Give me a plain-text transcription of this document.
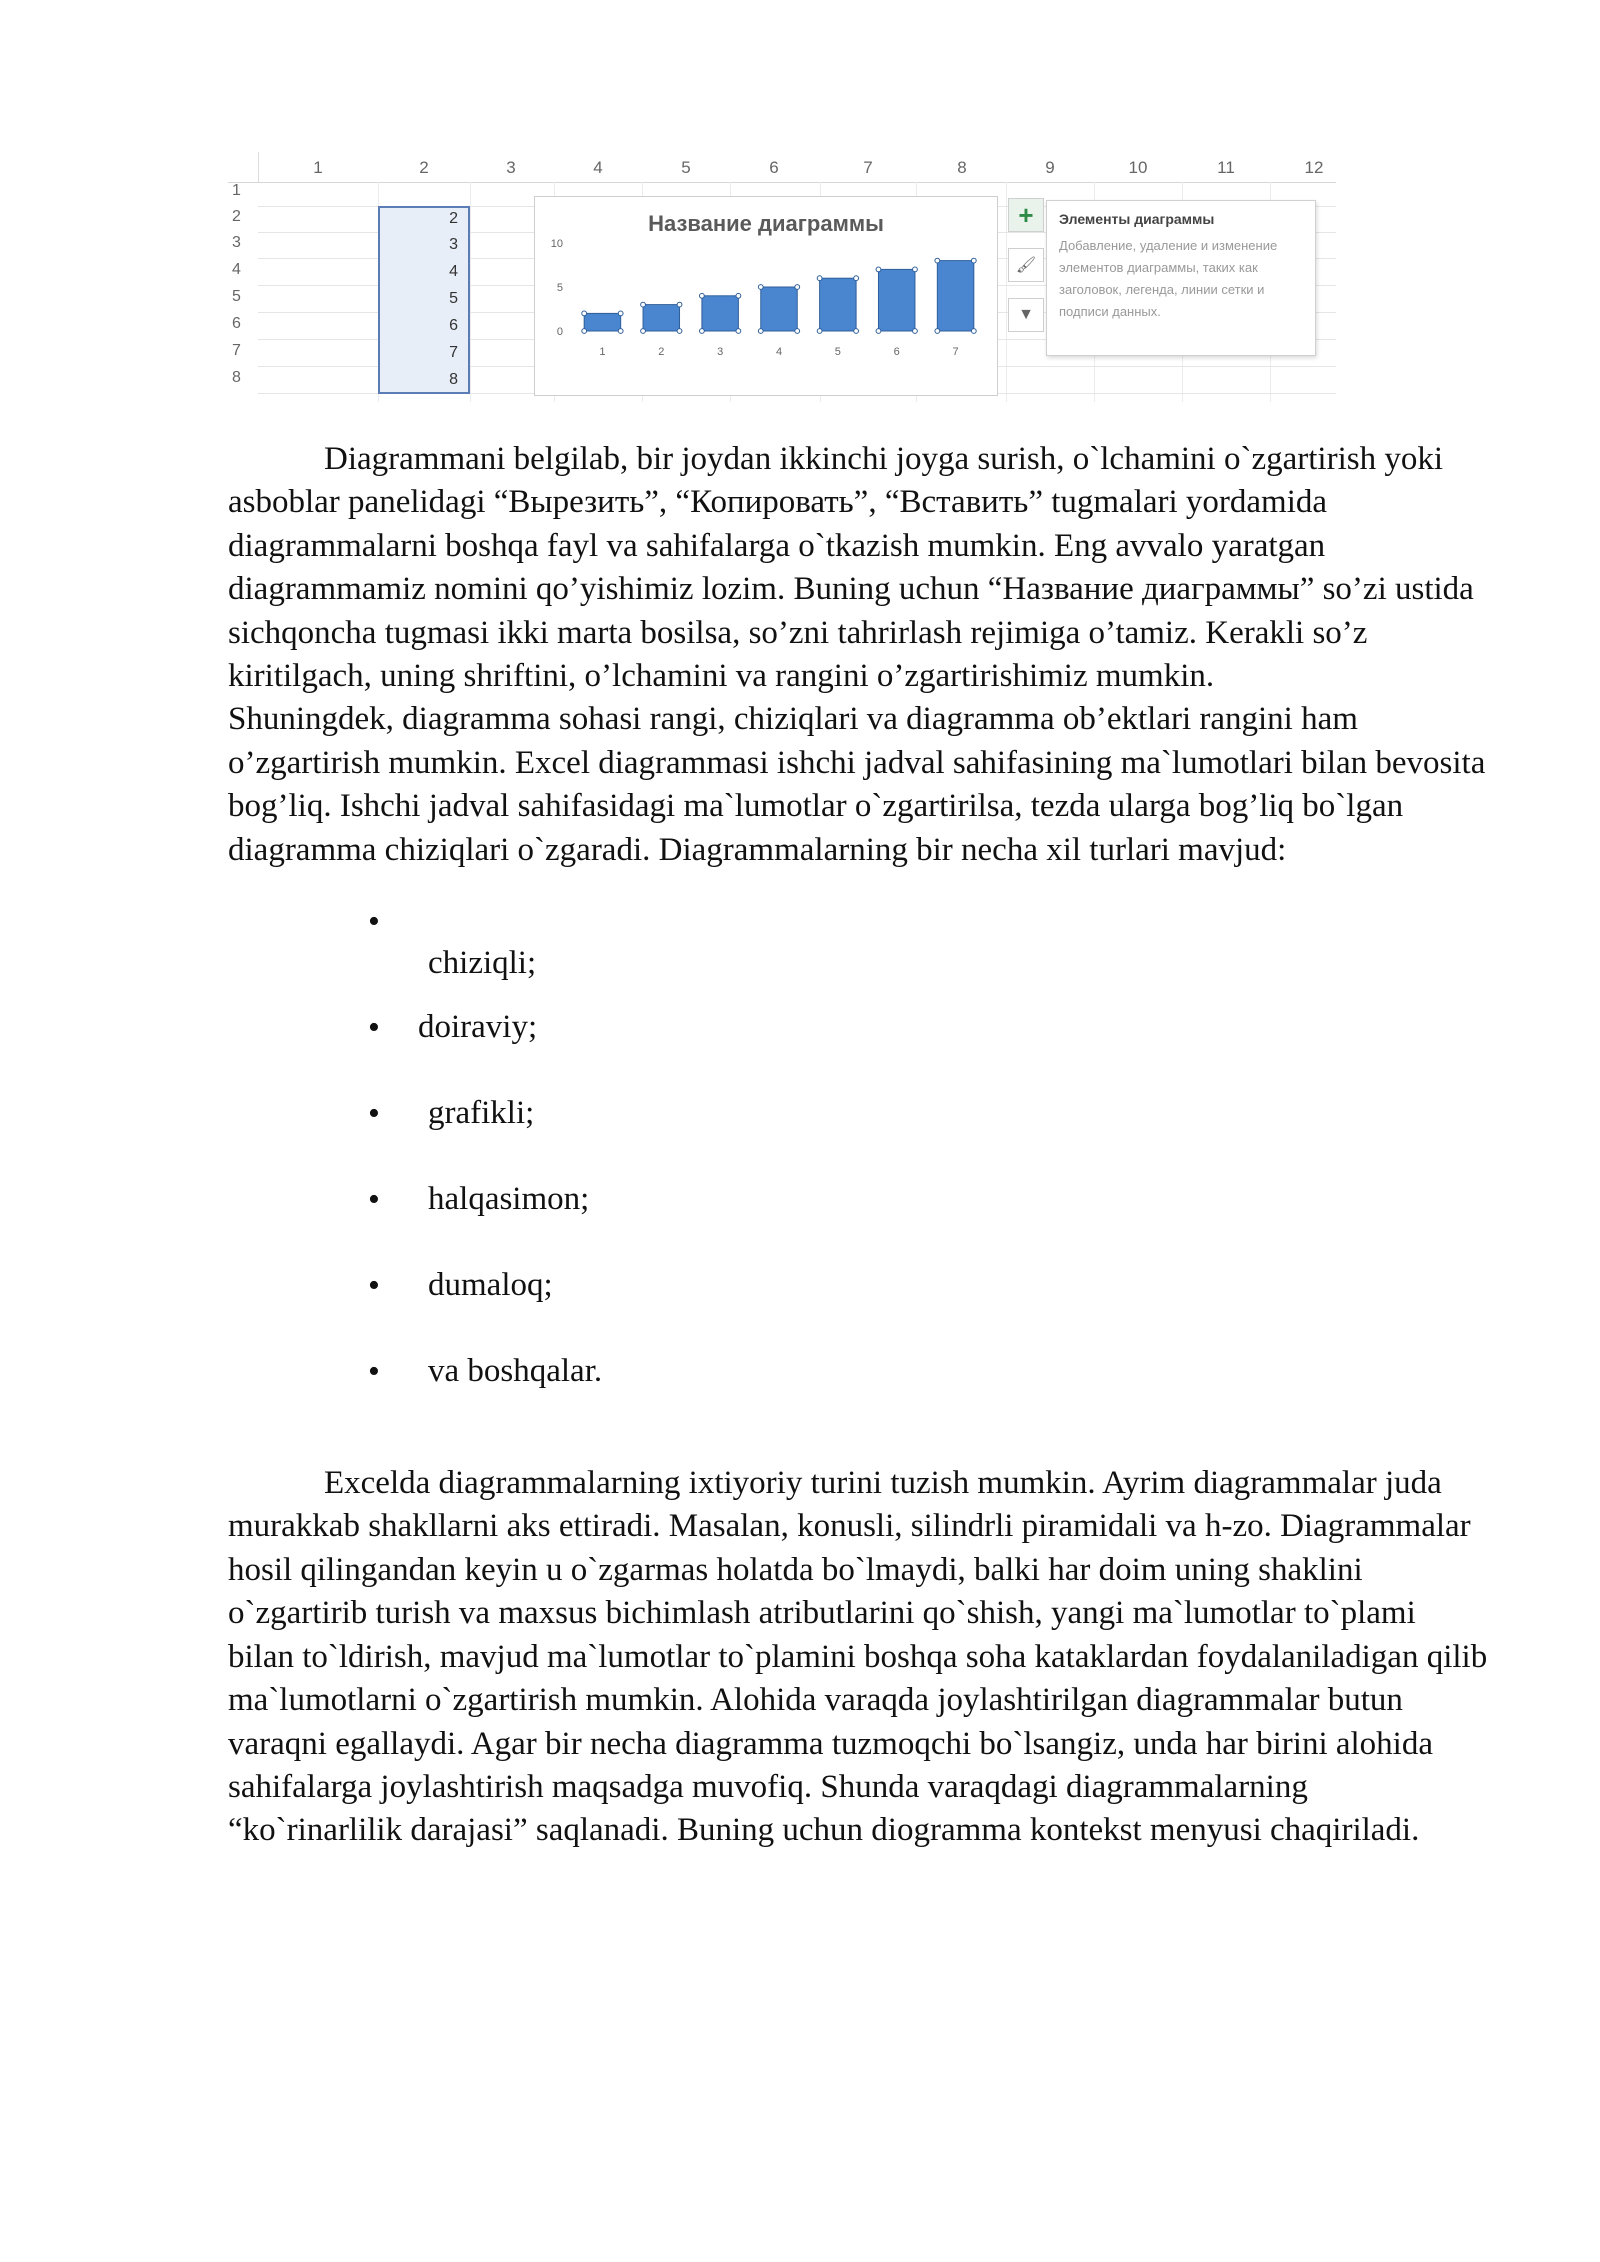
1	2	3	4	5	6	7	8	9	10	11	12
1
2
3
4
5
6
7
8
2
3
4
5
6
7
8
Название диаграммы
10
5
0
1	2	3	4	5	6	7
+
🖌
▼
Элементы диаграммы
Добавление, удаление и изменение элементов диаграммы, таких как заголовок, легенда, линии сетки и подписи данных.

Diagrammani belgilab, bir joydan ikkinchi joyga surish, o`lchamini o`zgartirish yoki asboblar panelidagi “Вырезить”, “Копировать”, “Вставить” tugmalari yordamida diagrammalarni boshqa fayl va sahifalarga o`tkazish mumkin. Eng avvalo yaratgan diagrammamiz nomini qo’yishimiz lozim. Buning uchun “Название диаграммы” so’zi ustida sichqoncha tugmasi ikki marta bosilsa, so’zni tahrirlash rejimiga o’tamiz. Kerakli so’z kiritilgach, uning shriftini, o’lchamini va rangini o’zgartirishimiz mumkin.

Shuningdek, diagramma sohasi rangi, chiziqlari va diagramma ob’ektlari rangini ham o’zgartirish mumkin. Excel diagrammasi ishchi jadval sahifasining ma`lumotlari bilan bevosita bog’liq. Ishchi jadval sahifasidagi ma`lumotlar o`zgartirilsa, tezda ularga bog’liq bo`lgan diagramma chiziqlari o`zgaradi. Diagrammalarning bir necha xil turlari mavjud:

•
chiziqli;
• doiraviy;
• grafikli;
• halqasimon;
• dumaloq;
• va boshqalar.

Excelda diagrammalarning ixtiyoriy turini tuzish mumkin. Ayrim diagrammalar juda murakkab shakllarni aks ettiradi. Masalan, konusli, silindrli piramidali va h-zo. Diagrammalar hosil qilingandan keyin u o`zgarmas holatda bo`lmaydi, balki har doim uning shaklini o`zgartirib turish va maxsus bichimlash atributlarini qo`shish, yangi ma`lumotlar to`plami bilan to`ldirish, mavjud ma`lumotlar to`plamini boshqa soha kataklardan foydalaniladigan qilib ma`lumotlarni o`zgartirish mumkin. Alohida varaqda joylashtirilgan diagrammalar butun varaqni egallaydi. Agar bir necha diagramma tuzmoqchi bo`lsangiz, unda har birini alohida sahifalarga joylashtirish maqsadga muvofiq. Shunda varaqdagi diagrammalarning “ko`rinarlilik darajasi” saqlanadi. Buning uchun diogramma kontekst menyusi chaqiriladi.
